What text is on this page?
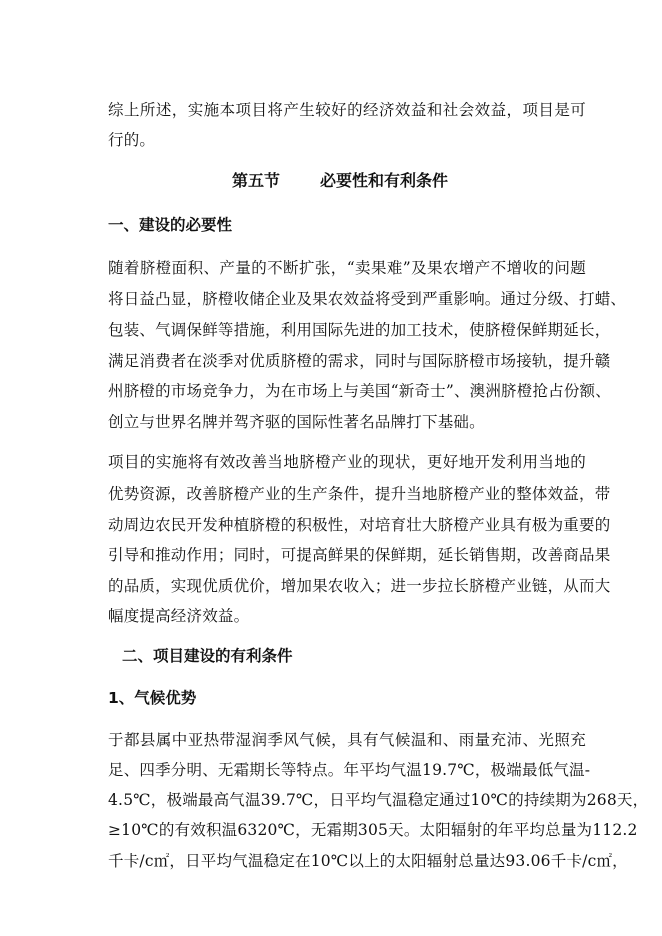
综上所述，实施本项目将产生较好的经济效益和社会效益，项目是可
行的。
第五节	必要性和有利条件
一、建设的必要性
随着脐橙面积、产量的不断扩张，“卖果难”及果农增产不增收的问题
将日益凸显，脐橙收储企业及果农效益将受到严重影响。通过分级、打蜡、
包装、气调保鲜等措施，利用国际先进的加工技术，使脐橙保鲜期延长，
满足消费者在淡季对优质脐橙的需求，同时与国际脐橙市场接轨，提升赣
州脐橙的市场竞争力，为在市场上与美国“新奇士”、澳洲脐橙抢占份额、
创立与世界名牌并驾齐驱的国际性著名品牌打下基础。
项目的实施将有效改善当地脐橙产业的现状，更好地开发利用当地的
优势资源，改善脐橙产业的生产条件，提升当地脐橙产业的整体效益，带
动周边农民开发种植脐橙的积极性，对培育壮大脐橙产业具有极为重要的
引导和推动作用；同时，可提高鲜果的保鲜期，延长销售期，改善商品果
的品质，实现优质优价，增加果农收入；进一步拉长脐橙产业链，从而大
幅度提高经济效益。
二、项目建设的有利条件
1、气候优势
于都县属中亚热带湿润季风气候，具有气候温和、雨量充沛、光照充
足、四季分明、无霜期长等特点。年平均气温19.7℃，极端最低气温-
4.5℃，极端最高气温39.7℃，日平均气温稳定通过10℃的持续期为268天，
≥10℃的有效积温6320℃，无霜期305天。太阳辐射的年平均总量为112.2
千卡/c㎡，日平均气温稳定在10℃以上的太阳辐射总量达93.06千卡/c㎡，
